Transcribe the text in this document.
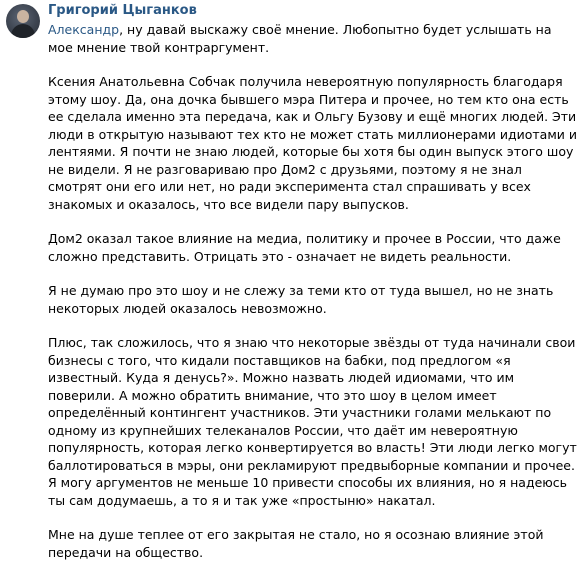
Григорий Цыганков

Александр, ну давай выскажу своё мнение. Любопытно будет услышать на мое мнение твой контраргумент.

Ксения Анатольевна Собчак получила невероятную популярность благодаря этому шоу. Да, она дочка бывшего мэра Питера и прочее, но тем кто она есть ее сделала именно эта передача, как и Ольгу Бузову и ещё многих людей. Эти люди в открытую называют тех кто не может стать миллионерами идиотами и лентяями. Я почти не знаю людей, которые бы хотя бы один выпуск этого шоу не видели. Я не разговариваю про Дом2 с друзьями, поэтому я не знал смотрят они его или нет, но ради эксперимента стал спрашивать у всех знакомых и оказалось, что все видели пару выпусков.

Дом2 оказал такое влияние на медиа, политику и прочее в России, что даже сложно представить. Отрицать это - означает не видеть реальности.

Я не думаю про это шоу и не слежу за теми кто от туда вышел, но не знать некоторых людей оказалось невозможно.

Плюс, так сложилось, что я знаю что некоторые звёзды от туда начинали свои бизнесы с того, что кидали поставщиков на бабки, под предлогом «я известный. Куда я денусь?». Можно назвать людей идиомами, что им поверили. А можно обратить внимание, что это шоу в целом имеет определённый контингент участников. Эти участники голами мелькают по одному из крупнейших телеканалов России, что даёт им невероятную популярность, которая легко конвертируется во власть! Эти люди легко могут баллотироваться в мэры, они рекламируют предвыборные компании и прочее. Я могу аргументов не меньше 10 привести способы их влияния, но я надеюсь ты сам додумаешь, а то я и так уже «простыню» накатал.

Мне на душе теплее от его закрытая не стало, но я осознаю влияние этой передачи на общество.
